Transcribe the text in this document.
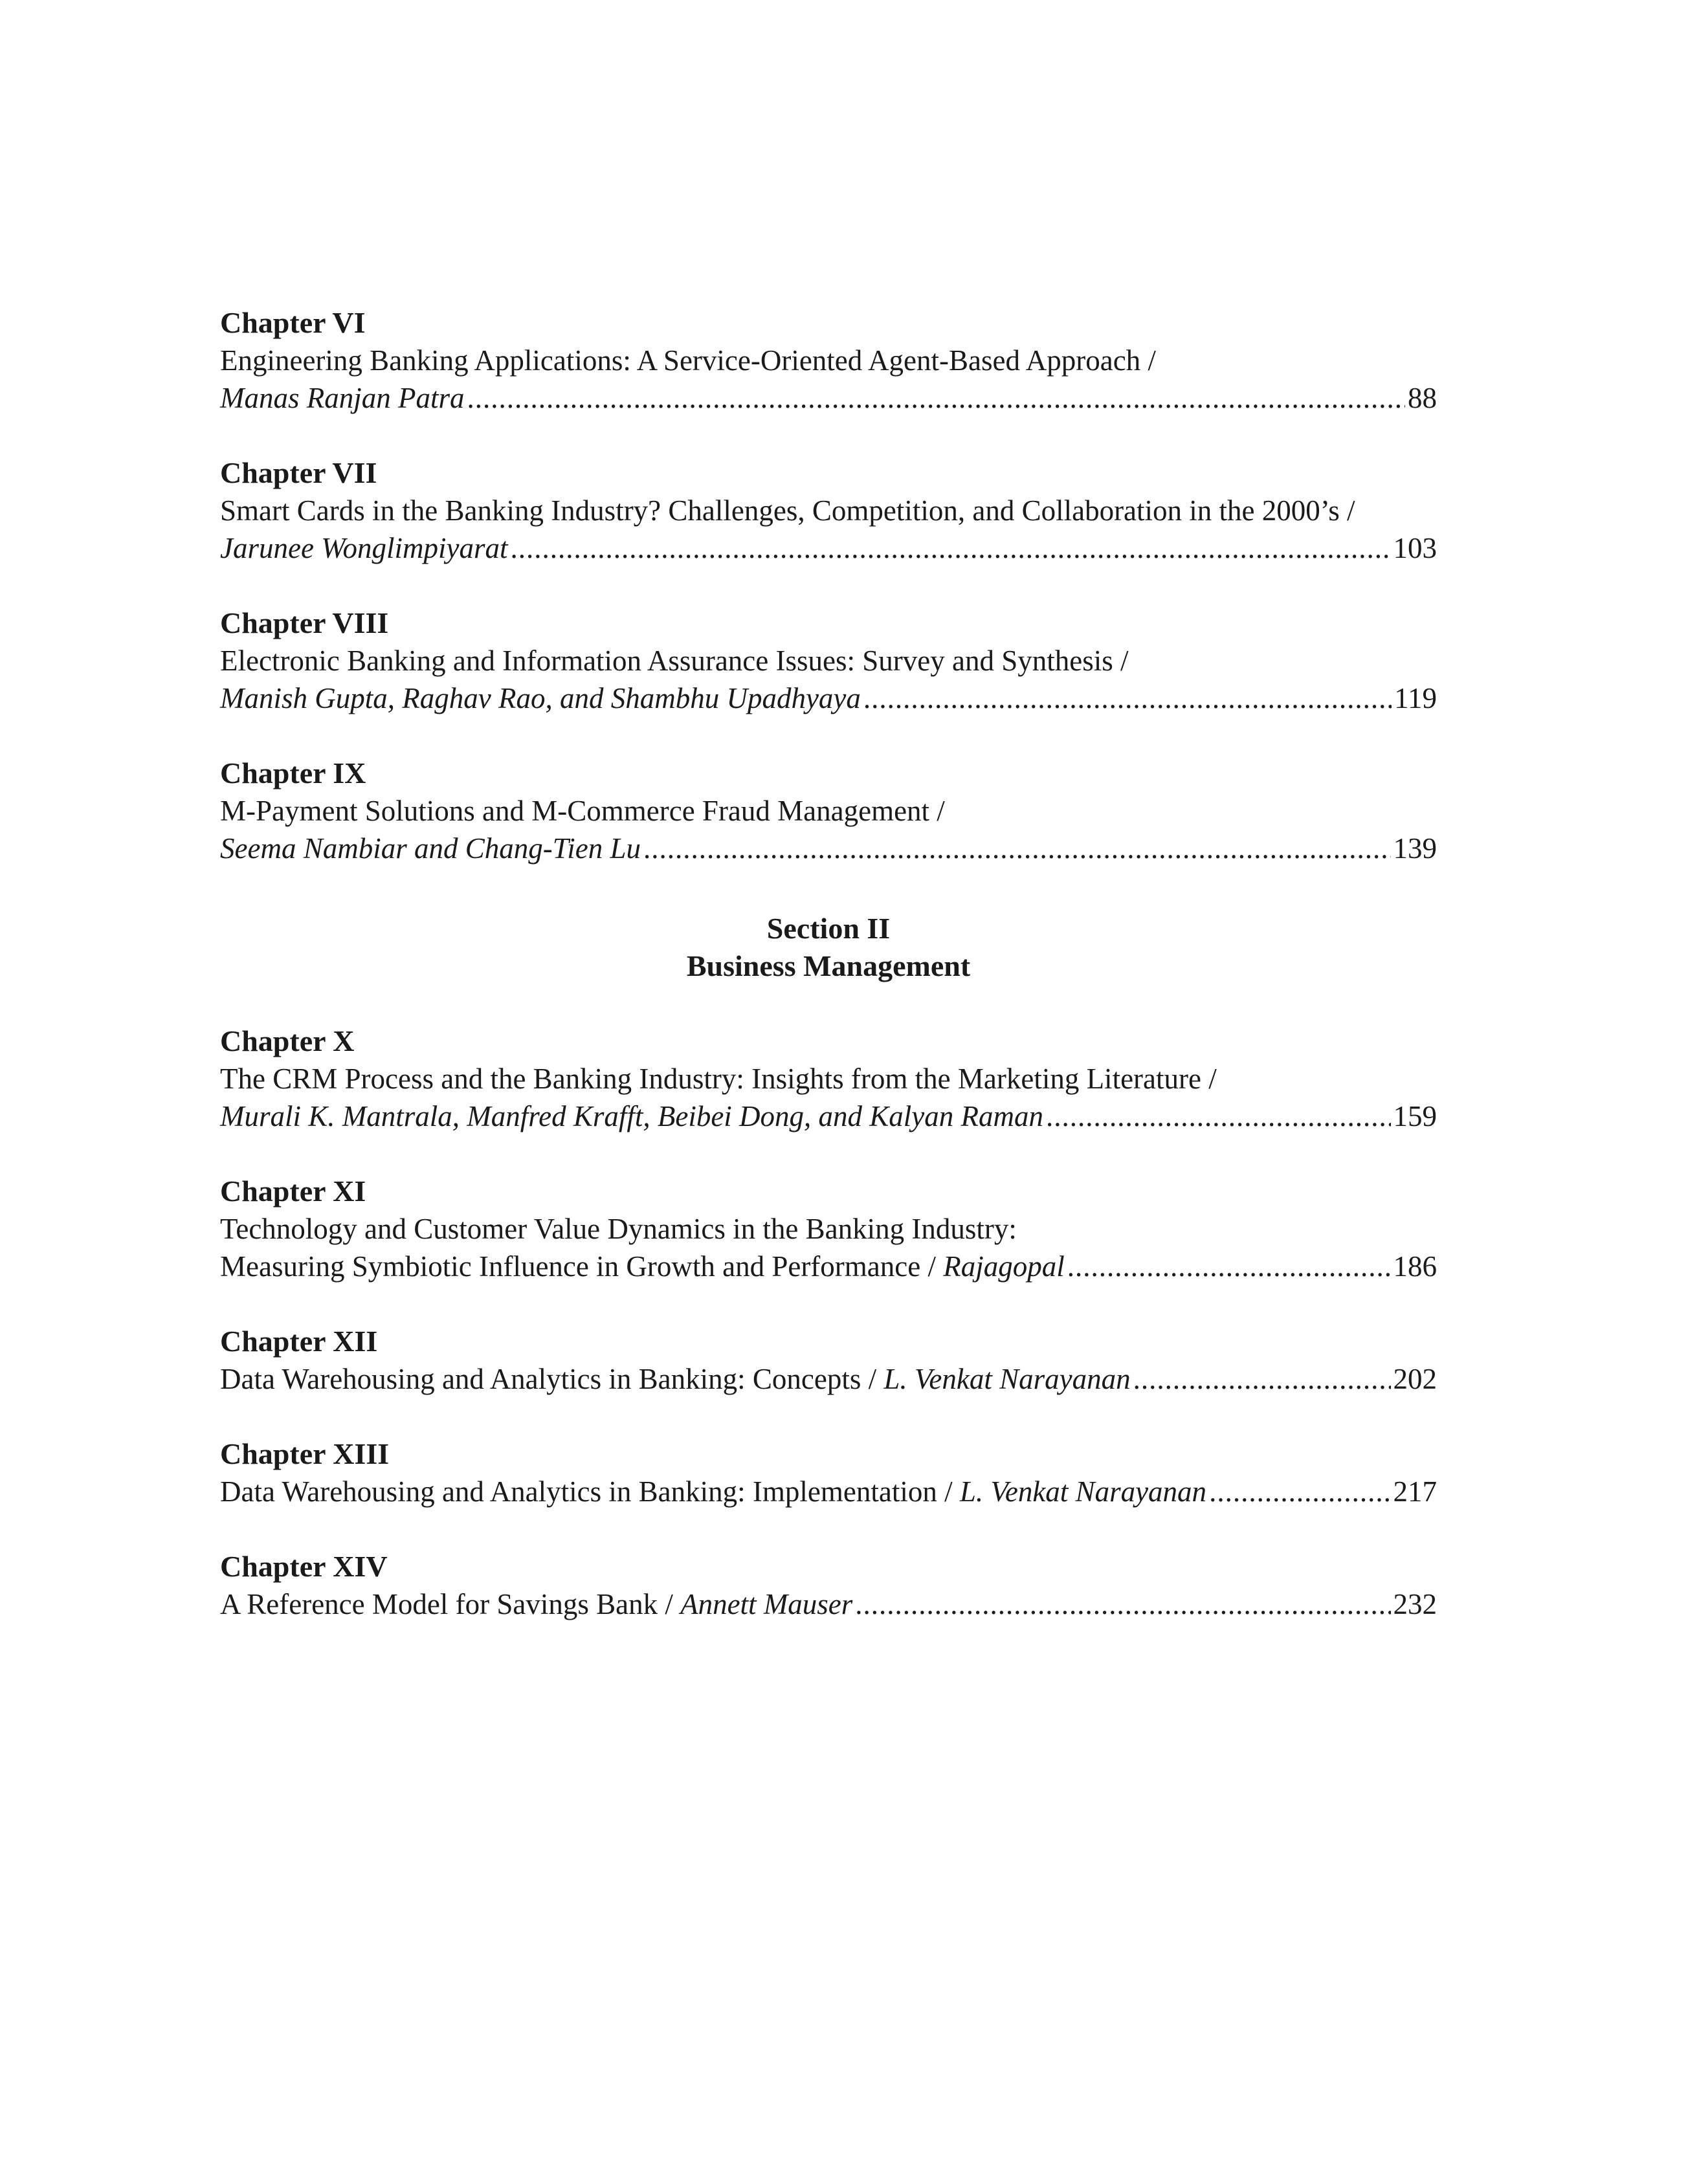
Chapter VI
Engineering Banking Applications: A Service-Oriented Agent-Based Approach /
Manas Ranjan Patra .....	88
Chapter VII
Smart Cards in the Banking Industry? Challenges, Competition, and Collaboration in the 2000’s /
Jarunee Wonglimpiyarat .....	103
Chapter VIII
Electronic Banking and Information Assurance Issues: Survey and Synthesis /
Manish Gupta, Raghav Rao, and Shambhu Upadhyaya .....	119
Chapter IX
M-Payment Solutions and M-Commerce Fraud Management /
Seema Nambiar and Chang-Tien Lu .....	139
Section II
Business Management
Chapter X
The CRM Process and the Banking Industry: Insights from the Marketing Literature /
Murali K. Mantrala, Manfred Krafft, Beibei Dong, and Kalyan Raman .....	159
Chapter XI
Technology and Customer Value Dynamics in the Banking Industry:
Measuring Symbiotic Influence in Growth and Performance / Rajagopal .....	186
Chapter XII
Data Warehousing and Analytics in Banking: Concepts / L. Venkat Narayanan .....	202
Chapter XIII
Data Warehousing and Analytics in Banking: Implementation / L. Venkat Narayanan .....	217
Chapter XIV
A Reference Model for Savings Bank / Annett Mauser .....	232
